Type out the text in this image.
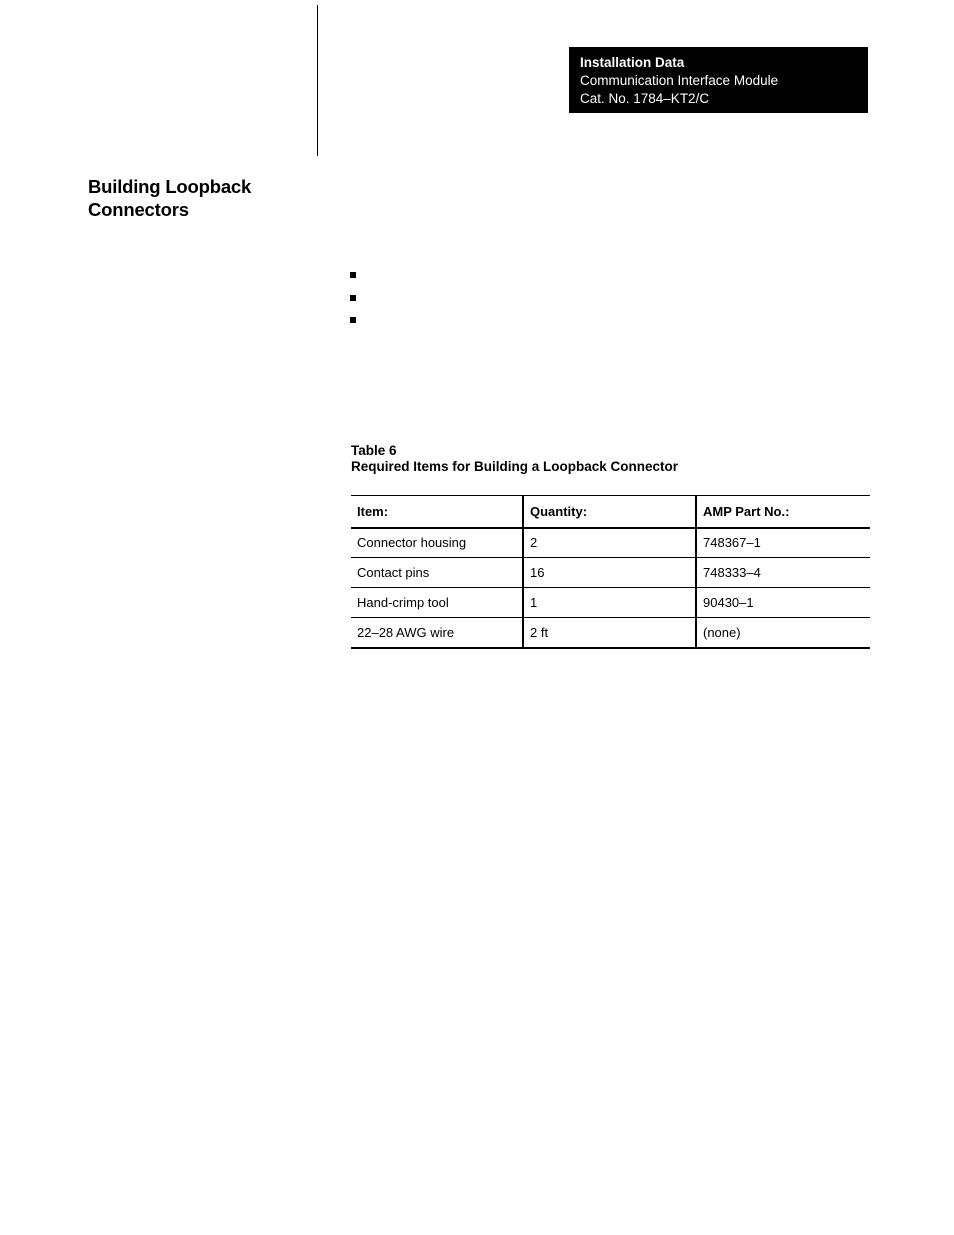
Installation Data
Communication Interface Module
Cat. No. 1784–KT2/C
Building Loopback
Connectors
Table 6
Required Items for Building a Loopback Connector
Item:	Quantity:	AMP Part No.:
Connector housing	2	748367–1
Contact pins	16	748333–4
Hand-crimp tool	1	90430–1
22–28 AWG wire	2 ft	(none)
